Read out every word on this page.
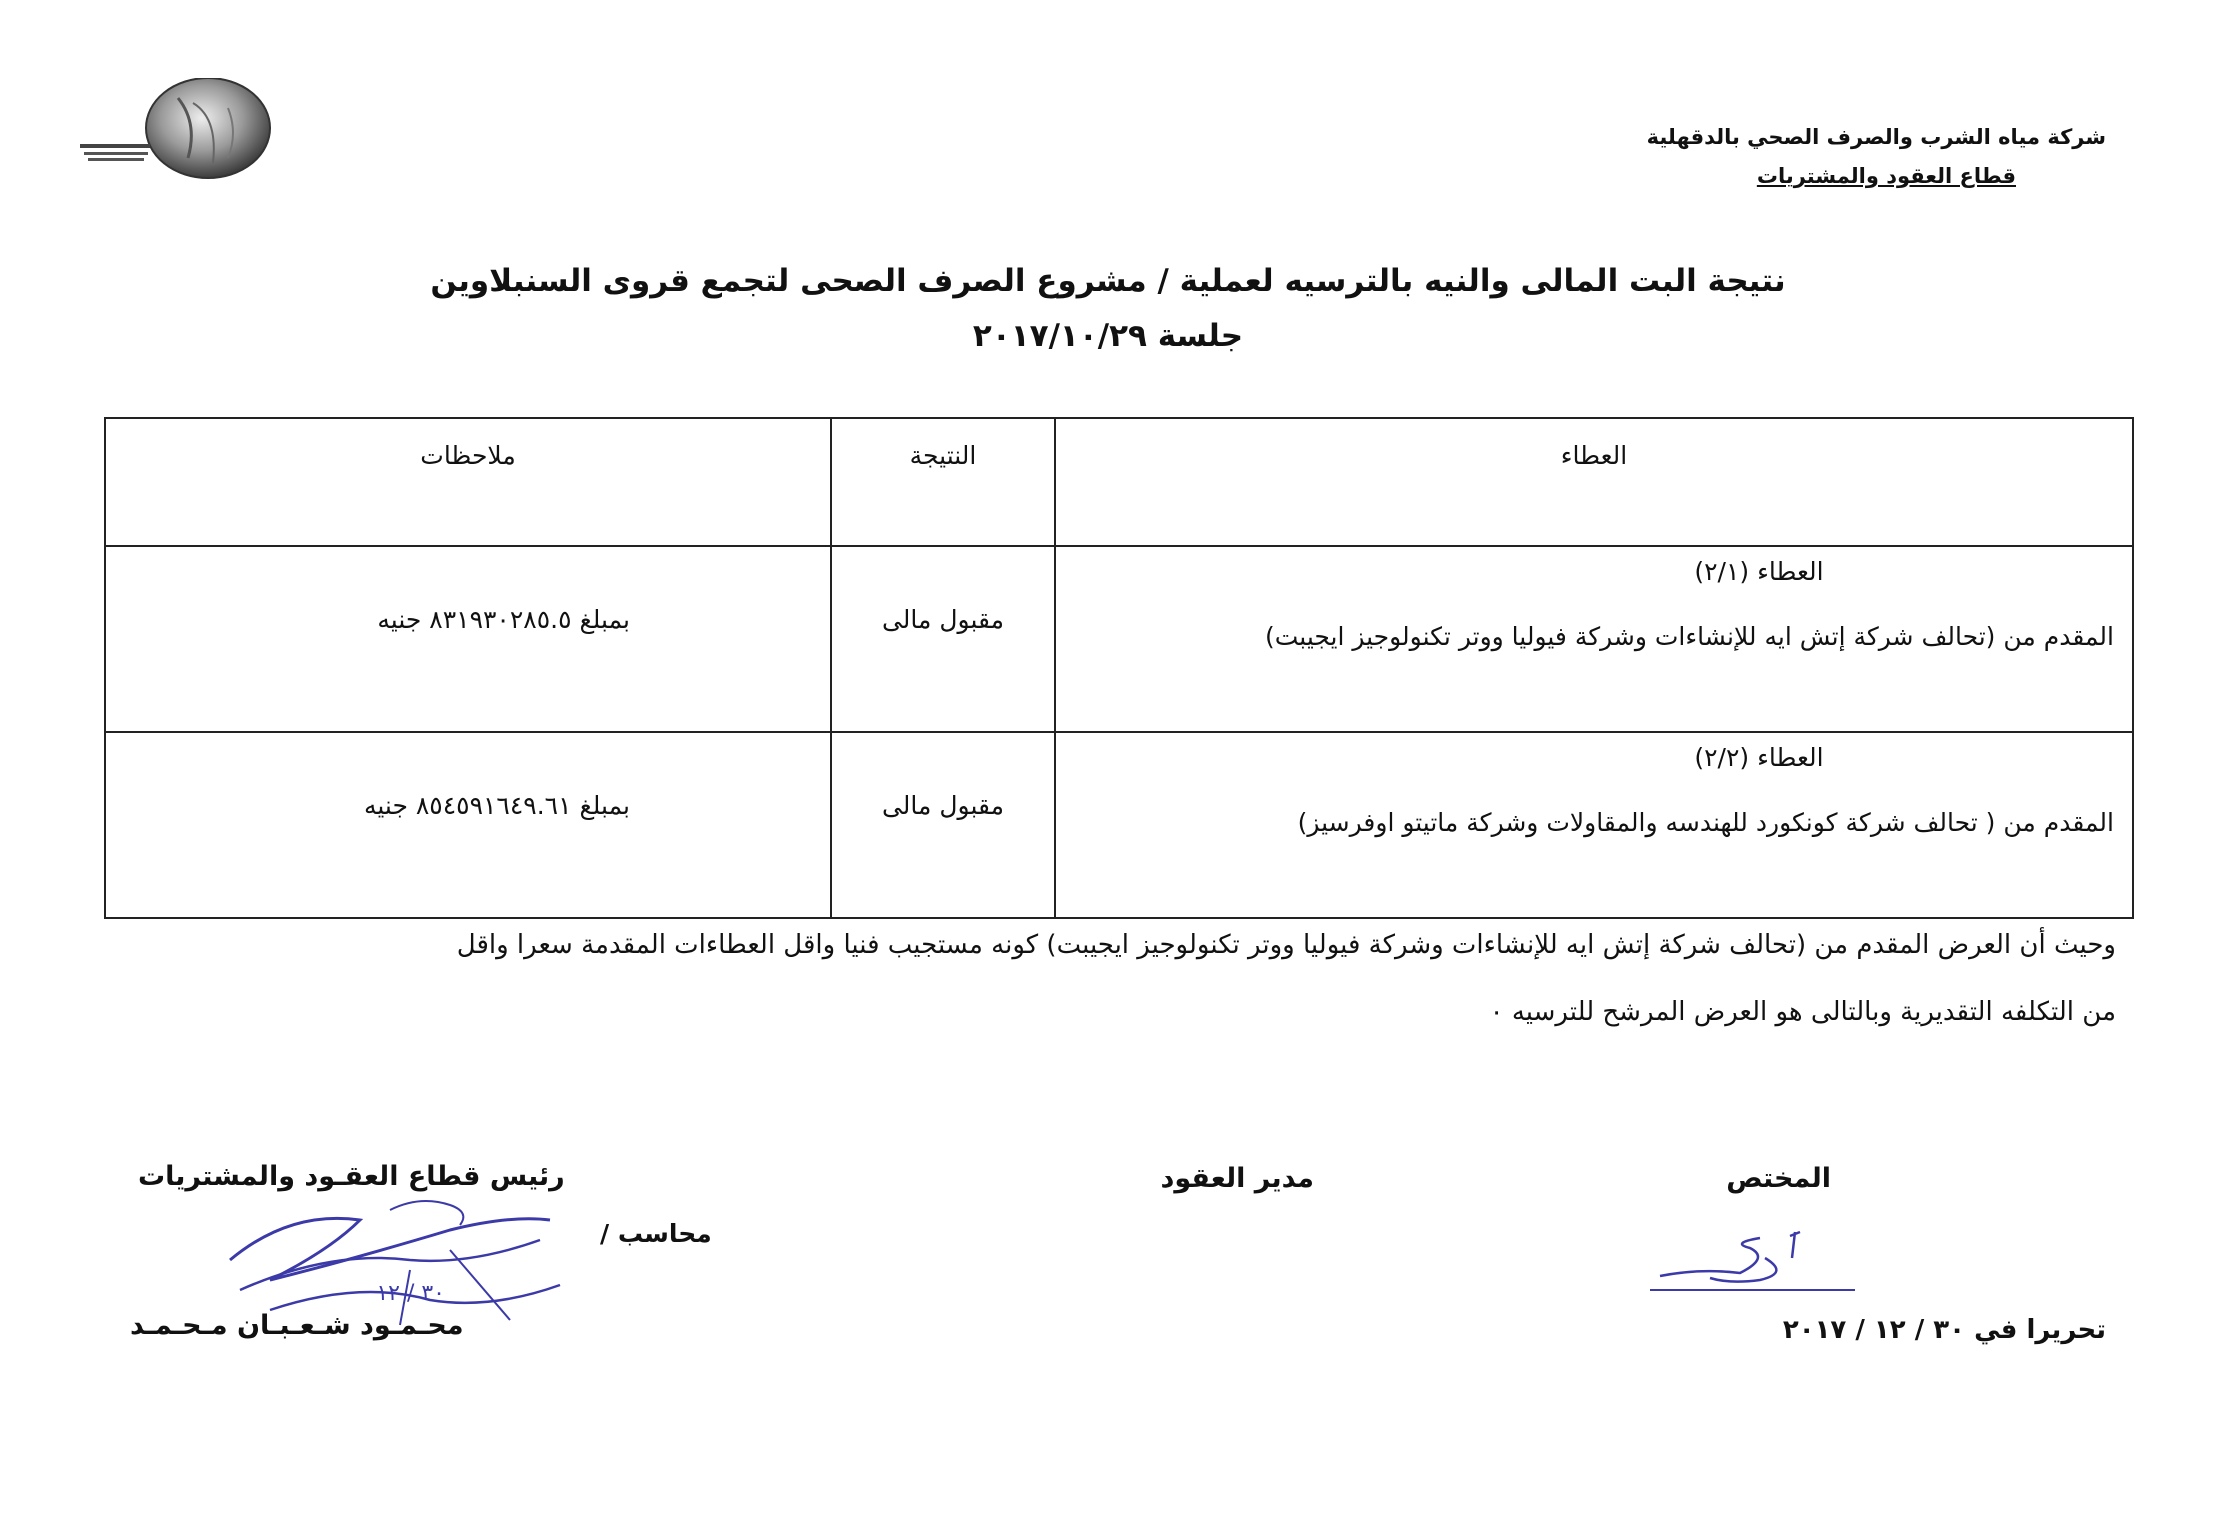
شركة مياه الشرب والصرف الصحي بالدقهلية
قطاع العقود والمشتريات
نتيجة البت المالى والنيه بالترسيه لعملية / مشروع الصرف الصحى لتجمع قروى السنبلاوين
جلسة ٢٠١٧/١٠/٢٩
العطاء	النتيجة	ملاحظات

العطاء (٢/١)
المقدم من (تحالف شركة إتش ايه للإنشاءات وشركة فيوليا ووتر تكنولوجيز ايجيبت)	مقبول مالى	بمبلغ ٨٣١٩٣٠٢٨٥.٥ جنيه

العطاء (٢/٢)
المقدم من ( تحالف شركة كونكورد للهندسه والمقاولات وشركة ماتيتو اوفرسيز)	مقبول مالى	بمبلغ ٨٥٤٥٩١٦٤٩.٦١ جنيه
وحيث أن العرض المقدم من (تحالف شركة إتش ايه للإنشاءات وشركة فيوليا ووتر تكنولوجيز ايجيبت) كونه مستجيب فنيا واقل العطاءات المقدمة سعرا واقل
من التكلفه التقديرية وبالتالى هو العرض المرشح للترسيه ٠
المختص
مدير العقود
رئيس قطاع العقـود والمشتريات
محاسب /
محـمـود شـعـبـان مـحـمـد	تحريرا في ٣٠ / ١٢ / ٢٠١٧
٣٠ / ١٢
